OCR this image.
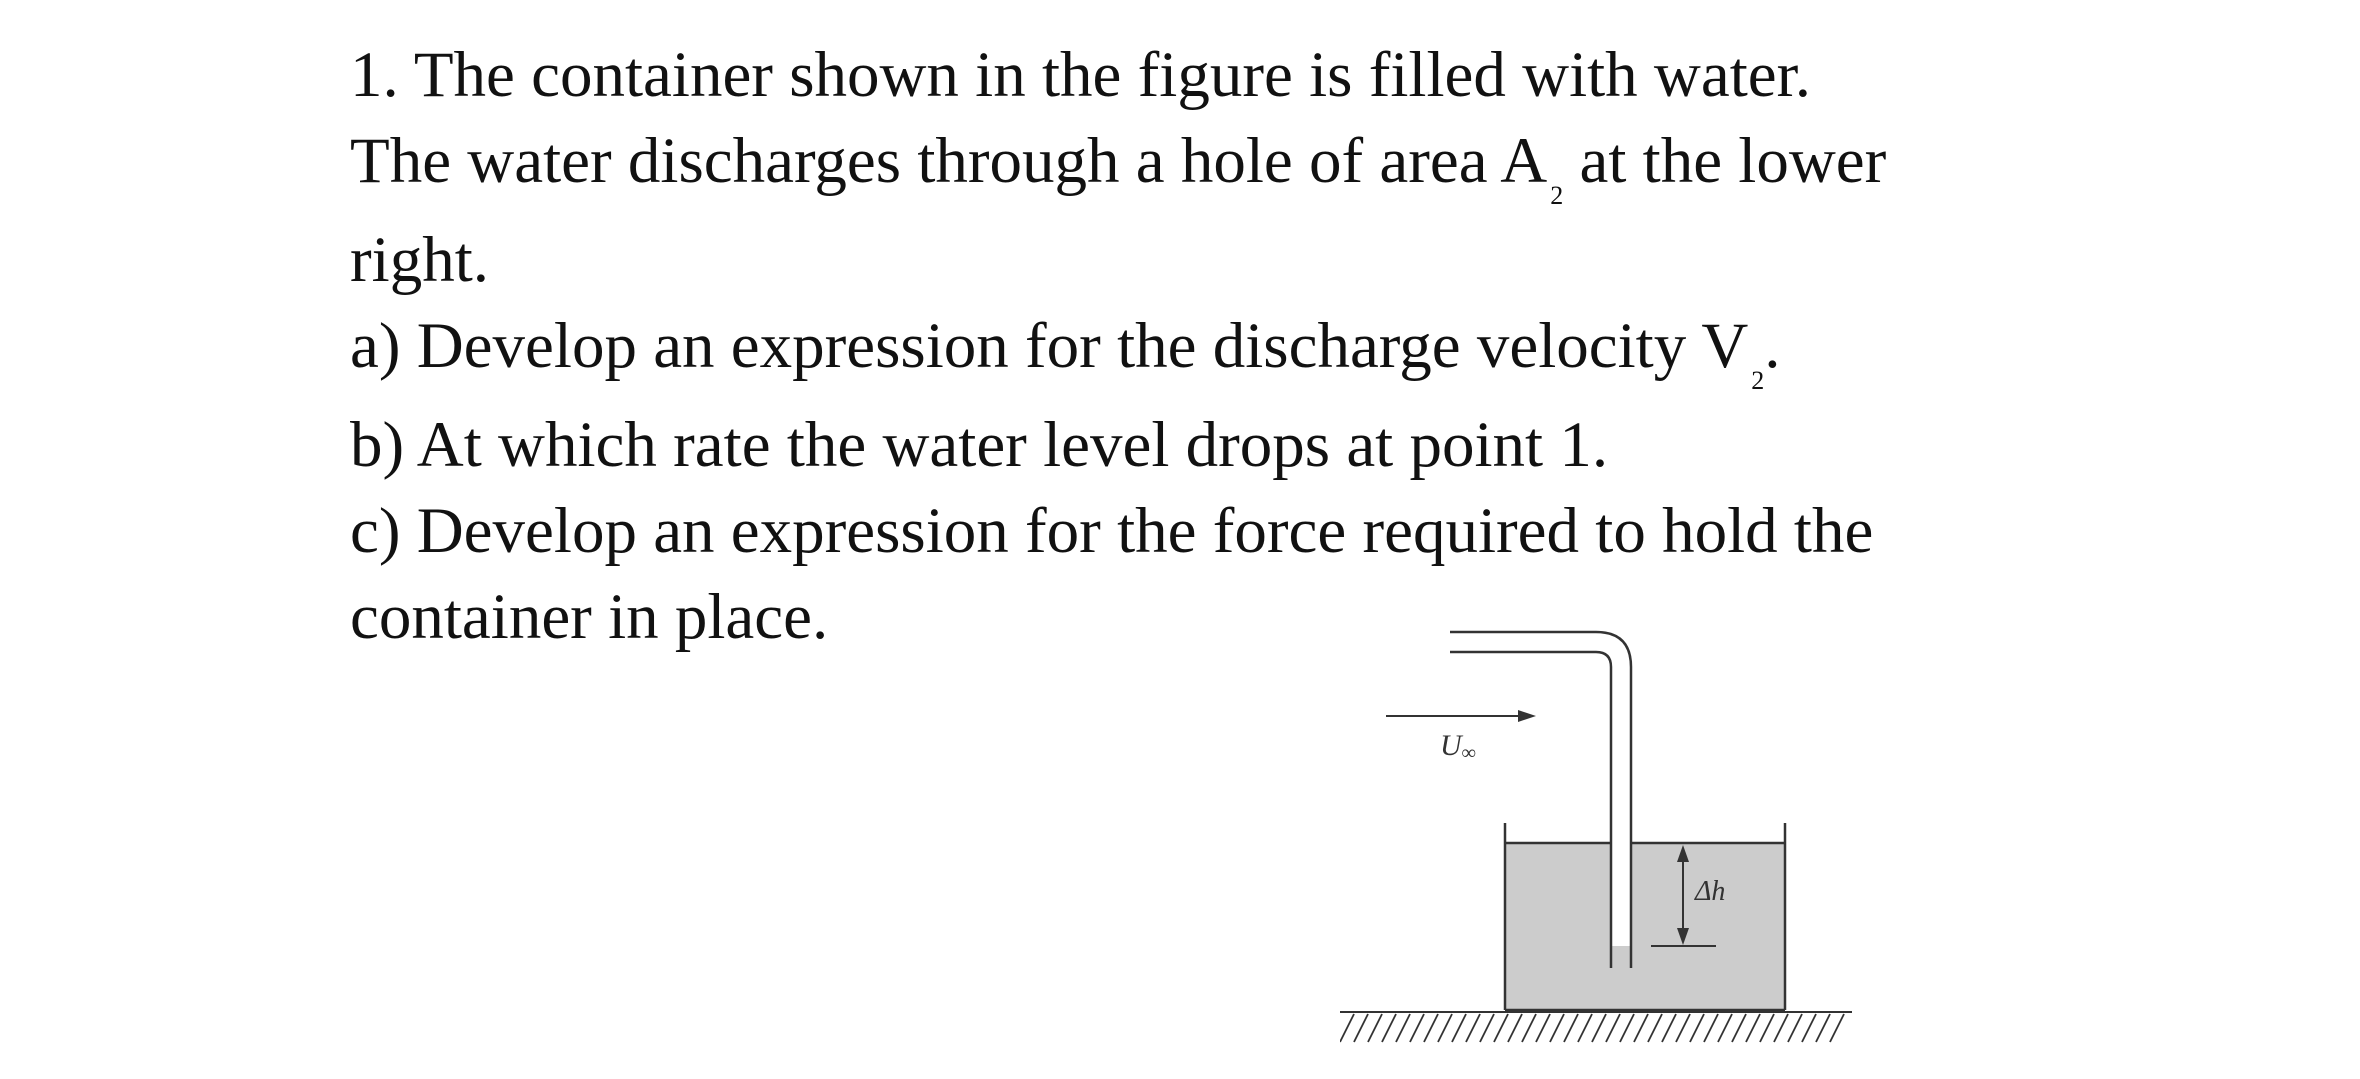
1. The container shown in the figure is filled with water.
The water discharges through a hole of area A $_2$ at the lower
right.
a) Develop an expression for the discharge velocity V $_2$.
b) At which rate the water level drops at point 1.
c) Develop an expression for the force required to hold the
container in place.
U∞
Δh
